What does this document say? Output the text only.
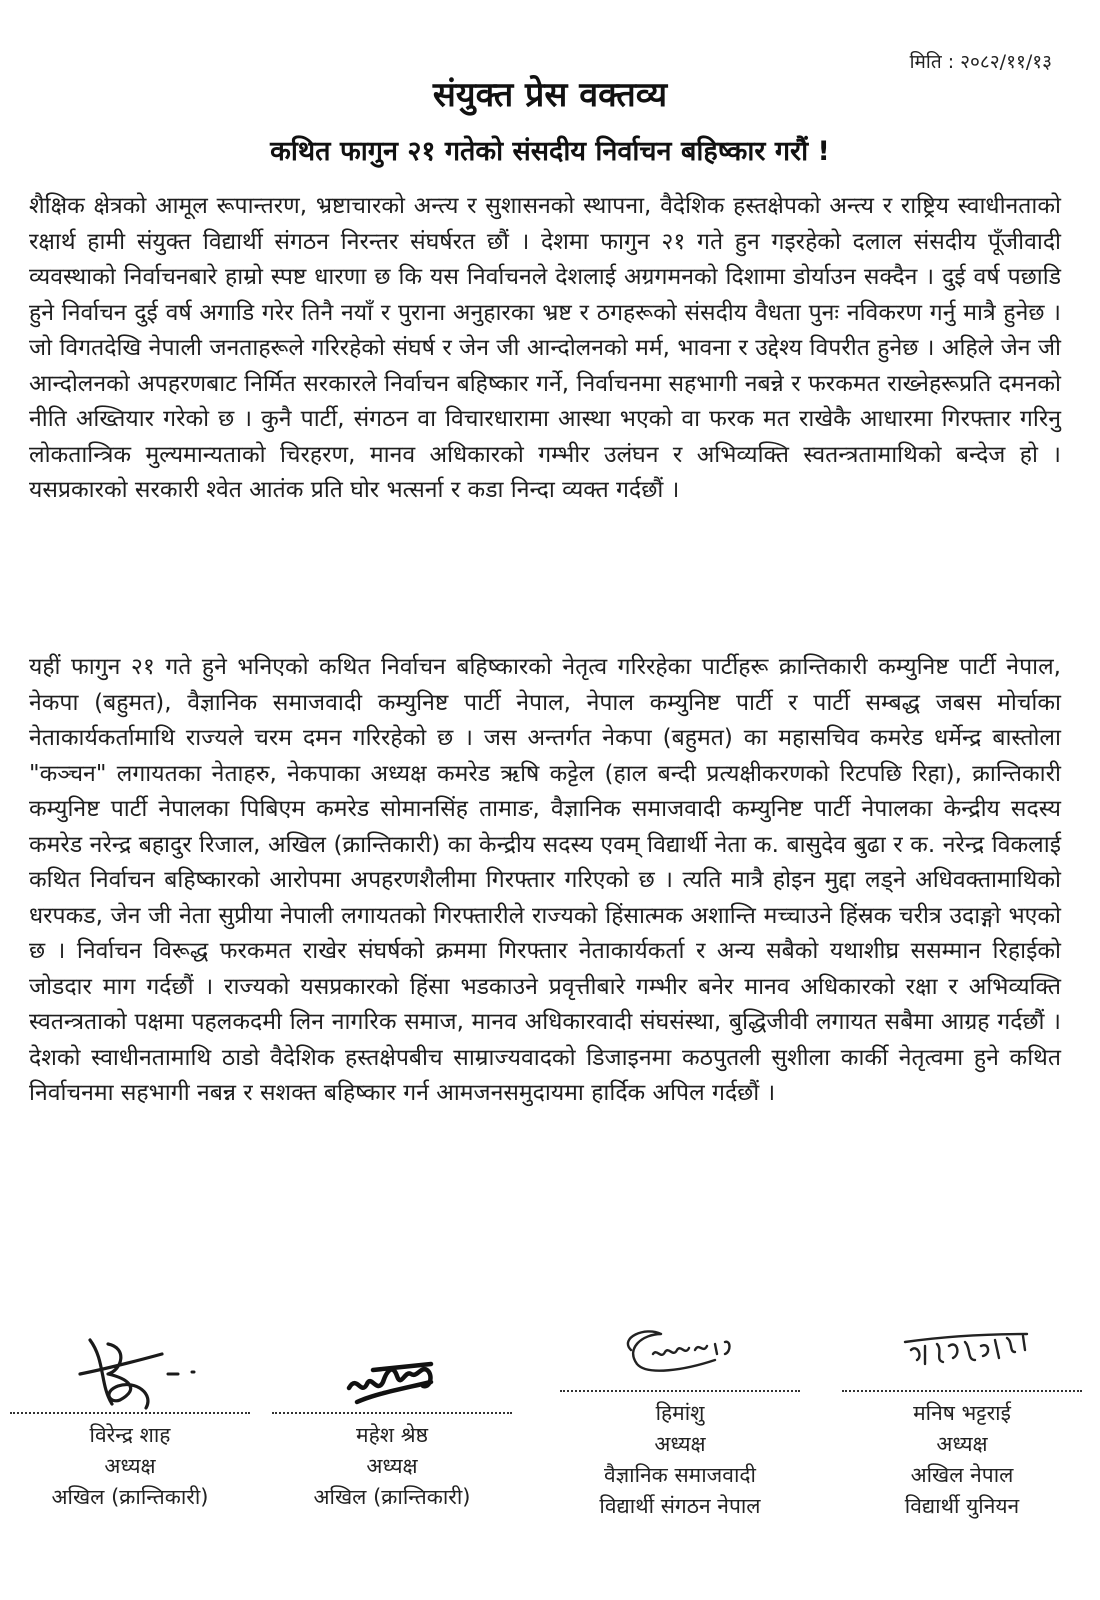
मिति : २०८२/११/१३
संयुक्त प्रेस वक्तव्य
कथित फागुन २१ गतेको संसदीय निर्वाचन बहिष्कार गरौं !

शैक्षिक क्षेत्रको आमूल रूपान्तरण, भ्रष्टाचारको अन्त्य र सुशासनको स्थापना, वैदेशिक हस्तक्षेपको अन्त्य र राष्ट्रिय स्वाधीनताको रक्षार्थ हामी संयुक्त विद्यार्थी संगठन निरन्तर संघर्षरत छौं । देशमा फागुन २१ गते हुन गइरहेको दलाल संसदीय पूँजीवादी व्यवस्थाको निर्वाचनबारे हाम्रो स्पष्ट धारणा छ कि यस निर्वाचनले देशलाई अग्रगमनको दिशामा डोर्याउन सक्दैन । दुई वर्ष पछाडि हुने निर्वाचन दुई वर्ष अगाडि गरेर तिनै नयाँ र पुराना अनुहारका भ्रष्ट र ठगहरूको संसदीय वैधता पुनः नविकरण गर्नु मात्रै हुनेछ । जो विगतदेखि नेपाली जनताहरूले गरिरहेको संघर्ष र जेन जी आन्दोलनको मर्म, भावना र उद्देश्य विपरीत हुनेछ । अहिले जेन जी आन्दोलनको अपहरणबाट निर्मित सरकारले निर्वाचन बहिष्कार गर्ने, निर्वाचनमा सहभागी नबन्ने र फरकमत राख्नेहरूप्रति दमनको नीति अख्तियार गरेको छ । कुनै पार्टी, संगठन वा विचारधारामा आस्था भएको वा फरक मत राखेकै आधारमा गिरफ्तार गरिनु लोकतान्त्रिक मुल्यमान्यताको चिरहरण, मानव अधिकारको गम्भीर उलंघन र अभिव्यक्ति स्वतन्त्रतामाथिको बन्देज हो । यसप्रकारको सरकारी श्वेत आतंक प्रति घोर भत्सर्ना र कडा निन्दा व्यक्त गर्दछौं ।

यहीं फागुन २१ गते हुने भनिएको कथित निर्वाचन बहिष्कारको नेतृत्व गरिरहेका पार्टीहरू क्रान्तिकारी कम्युनिष्ट पार्टी नेपाल, नेकपा (बहुमत), वैज्ञानिक समाजवादी कम्युनिष्ट पार्टी नेपाल, नेपाल कम्युनिष्ट पार्टी र पार्टी सम्बद्ध जबस मोर्चाका नेताकार्यकर्तामाथि राज्यले चरम दमन गरिरहेको छ । जस अन्तर्गत नेकपा (बहुमत) का महासचिव कमरेड धर्मेन्द्र बास्तोला "कञ्चन" लगायतका नेताहरु, नेकपाका अध्यक्ष कमरेड ऋषि कट्टेल (हाल बन्दी प्रत्यक्षीकरणको रिटपछि रिहा), क्रान्तिकारी कम्युनिष्ट पार्टी नेपालका पिबिएम कमरेड सोमानसिंह तामाङ, वैज्ञानिक समाजवादी कम्युनिष्ट पार्टी नेपालका केन्द्रीय सदस्य कमरेड नरेन्द्र बहादुर रिजाल, अखिल (क्रान्तिकारी) का केन्द्रीय सदस्य एवम् विद्यार्थी नेता क. बासुदेव बुढा र क. नरेन्द्र विकलाई कथित निर्वाचन बहिष्कारको आरोपमा अपहरणशैलीमा गिरफ्तार गरिएको छ । त्यति मात्रै होइन मुद्दा लड्ने अधिवक्तामाथिको धरपकड, जेन जी नेता सुप्रीया नेपाली लगायतको गिरफ्तारीले राज्यको हिंसात्मक अशान्ति मच्चाउने हिंस्रक चरीत्र उदाङ्गो भएको छ । निर्वाचन विरूद्ध फरकमत राखेर संघर्षको क्रममा गिरफ्तार नेताकार्यकर्ता र अन्य सबैको यथाशीघ्र ससम्मान रिहाईको जोडदार माग गर्दछौं । राज्यको यसप्रकारको हिंसा भडकाउने प्रवृत्तीबारे गम्भीर बनेर मानव अधिकारको रक्षा र अभिव्यक्ति स्वतन्त्रताको पक्षमा पहलकदमी लिन नागरिक समाज, मानव अधिकारवादी संघसंस्था, बुद्धिजीवी लगायत सबैमा आग्रह गर्दछौं । देशको स्वाधीनतामाथि ठाडो वैदेशिक हस्तक्षेपबीच साम्राज्यवादको डिजाइनमा कठपुतली सुशीला कार्की नेतृत्वमा हुने कथित निर्वाचनमा सहभागी नबन्न र सशक्त बहिष्कार गर्न आमजनसमुदायमा हार्दिक अपिल गर्दछौं ।

विरेन्द्र शाह
अध्यक्ष
अखिल (क्रान्तिकारी)
महेश श्रेष्ठ
अध्यक्ष
अखिल (क्रान्तिकारी)
हिमांशु
अध्यक्ष
वैज्ञानिक समाजवादी
विद्यार्थी संगठन नेपाल
मनिष भट्टराई
अध्यक्ष
अखिल नेपाल
विद्यार्थी युनियन
